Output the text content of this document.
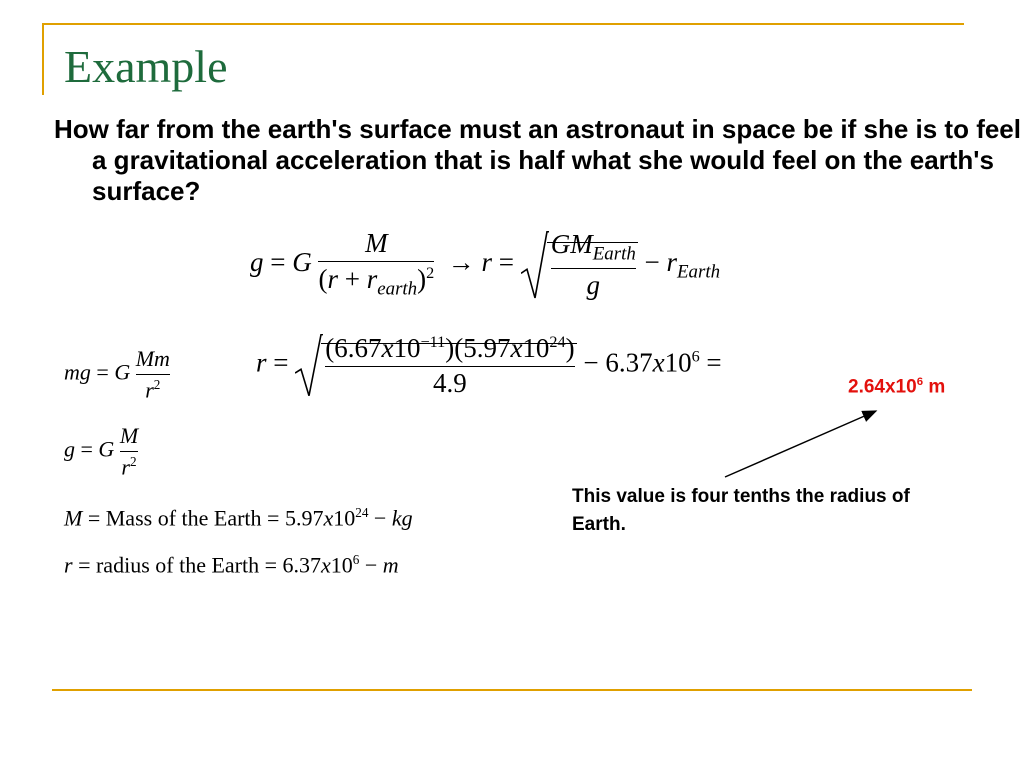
Example
How far from the earth's surface must an astronaut in space be if she is to feel a gravitational acceleration that is half what she would feel on the earth's surface?
g = G $\frac{M}{(r + r_{earth})^2} \to r = \frac{GM_{Earth}}{g} - r_{Earth}$
mg = G $\frac{Mm}{r^2}$
g = G $\frac{M}{r^2}$
M = Mass of the Earth = $5.97x10^{24}$ − kg
r = radius of the Earth = $6.37x10^6 - m$
$r = \frac{(6.67x10^{-11})(5.97x10^{24})}{4.9} - 6.37x10^6$ =
$2.64x10^6$ m
This value is four tenths the radius of Earth.
